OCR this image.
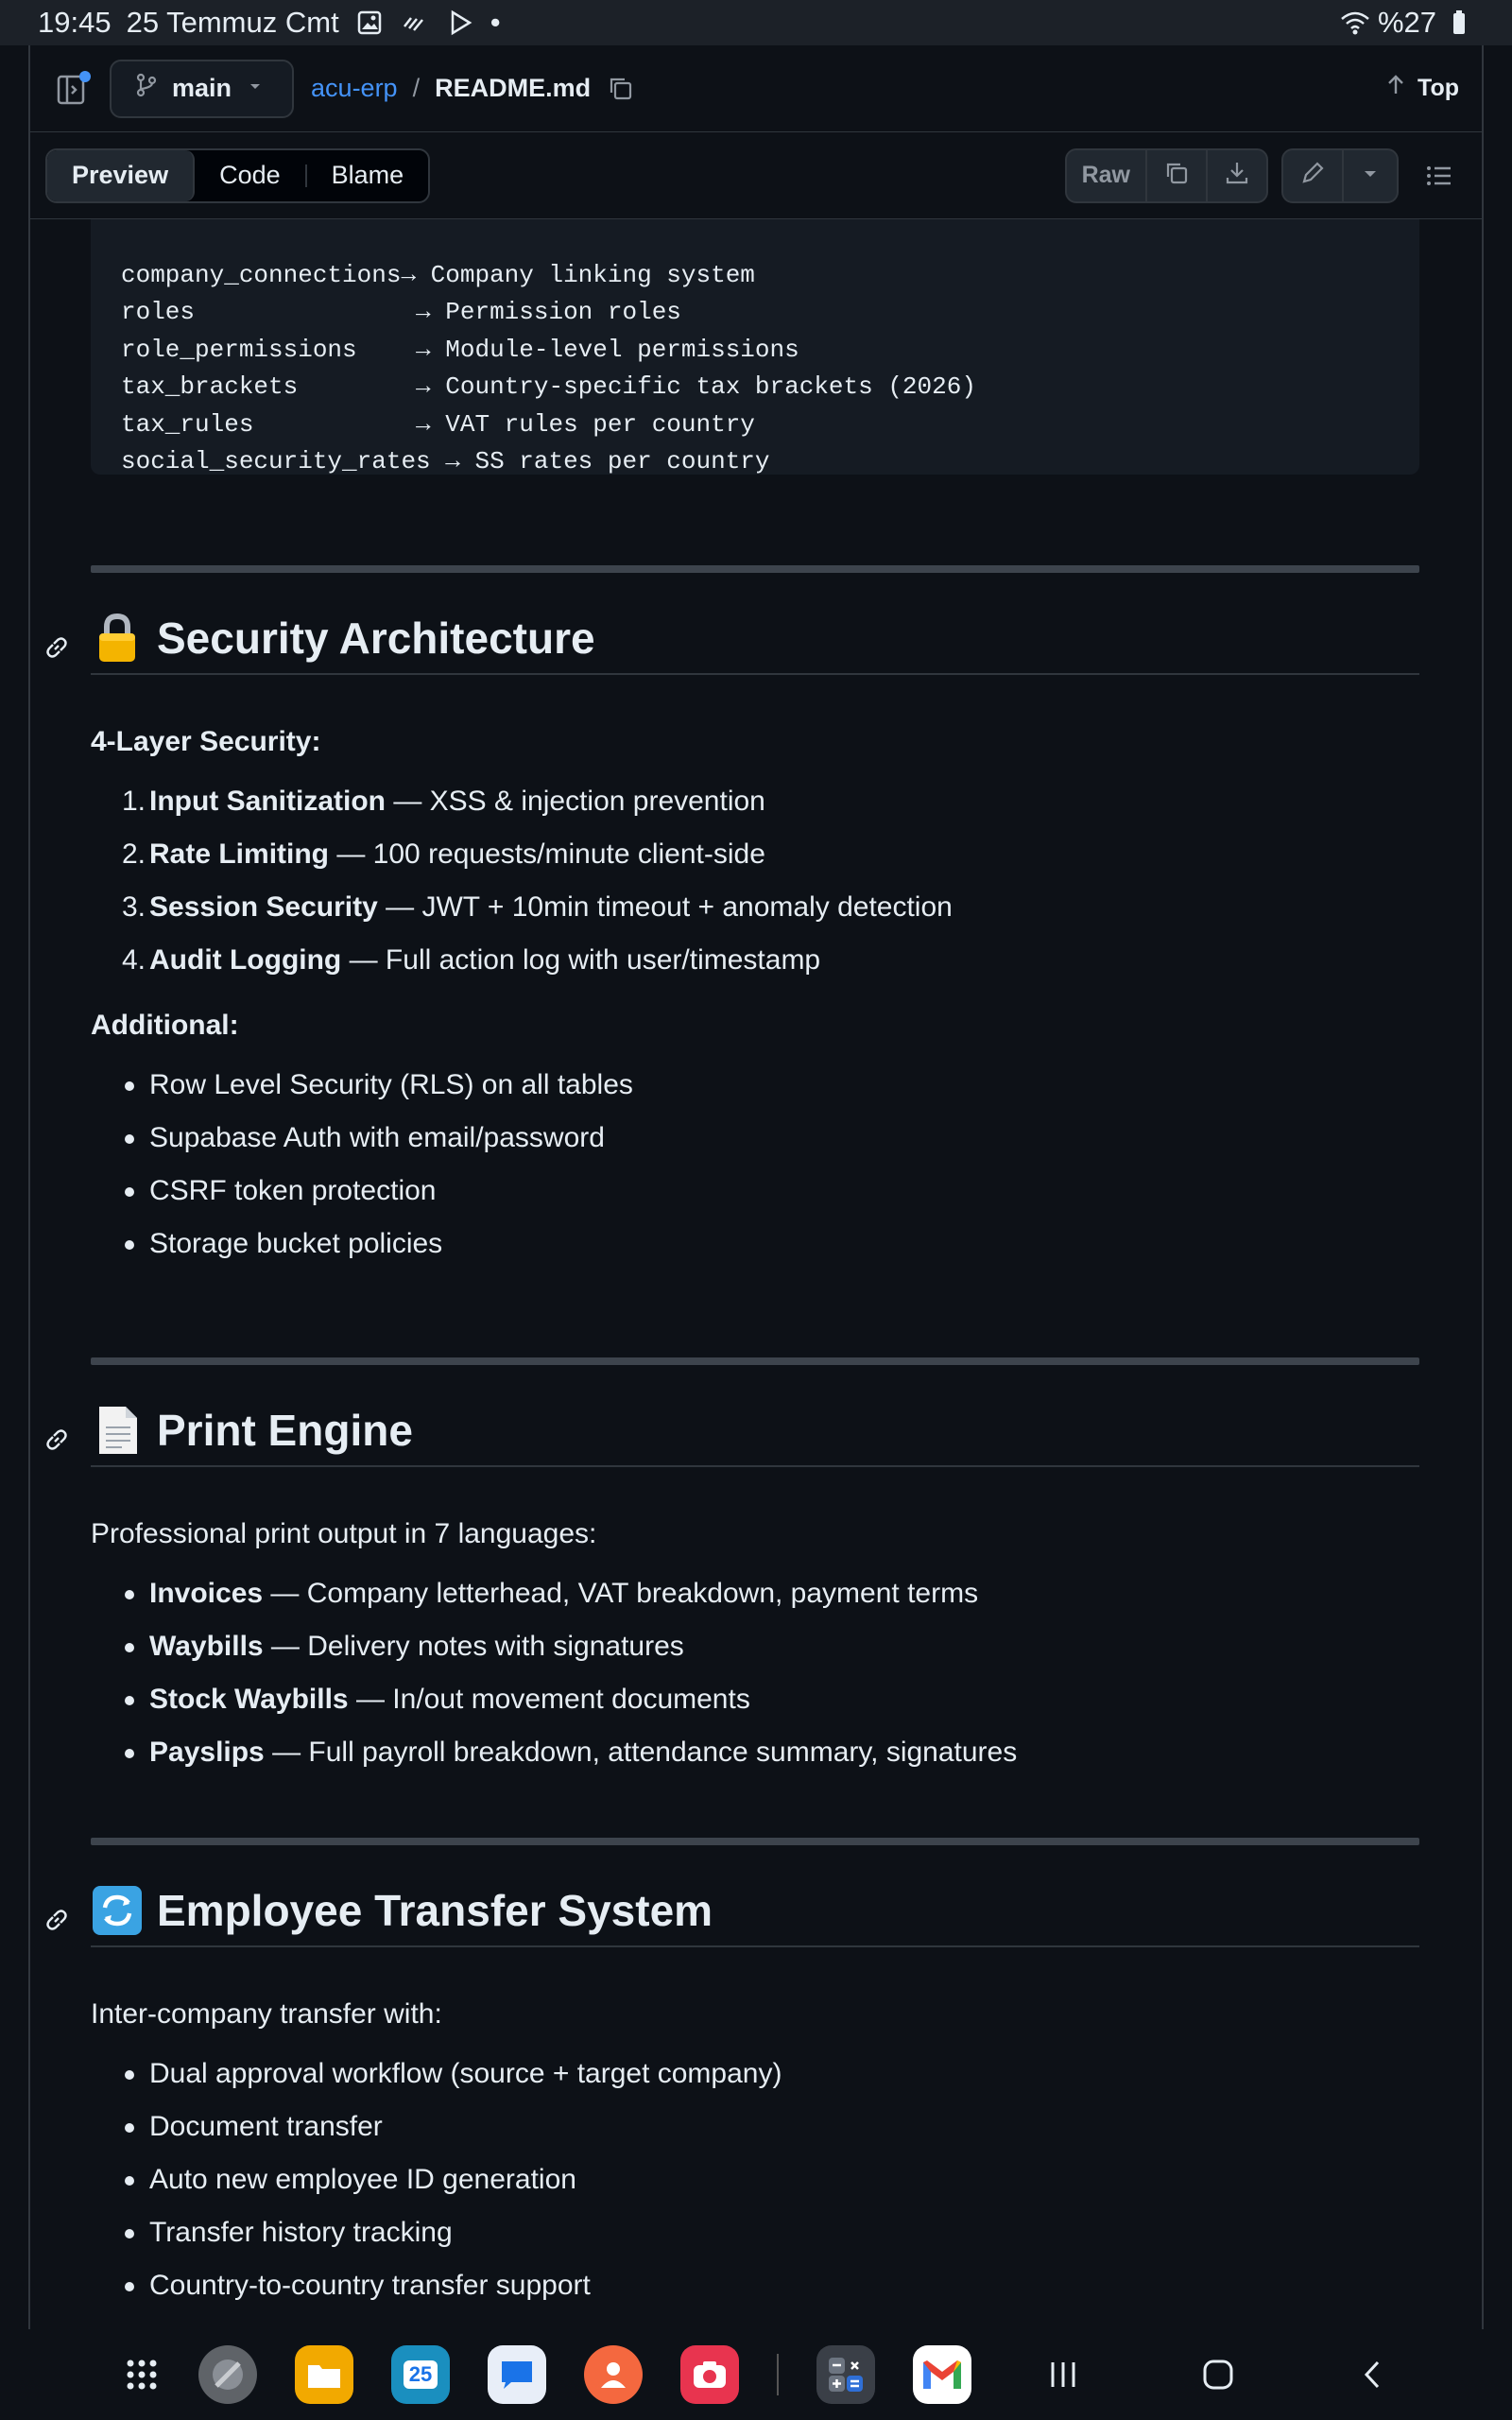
19:45 25 Temmuz Cmt	•	%27
main	acu-erp / README.md	Top
Preview	Code	Blame	Raw

company_connections→ Company linking system
roles               → Permission roles
role_permissions    → Module-level permissions
tax_brackets        → Country-specific tax brackets (2026)
tax_rules           → VAT rules per country
social_security_rates → SS rates per country
Security Architecture
4-Layer Security:
1. Input Sanitization — XSS & injection prevention
2. Rate Limiting — 100 requests/minute client-side
3. Session Security — JWT + 10min timeout + anomaly detection
4. Audit Logging — Full action log with user/timestamp
Additional:
Row Level Security (RLS) on all tables
Supabase Auth with email/password
CSRF token protection
Storage bucket policies
Print Engine
Professional print output in 7 languages:
Invoices — Company letterhead, VAT breakdown, payment terms
Waybills — Delivery notes with signatures
Stock Waybills — In/out movement documents
Payslips — Full payroll breakdown, attendance summary, signatures
Employee Transfer System
Inter-company transfer with:
Dual approval workflow (source + target company)
Document transfer
Auto new employee ID generation
Transfer history tracking
Country-to-country transfer support
25
